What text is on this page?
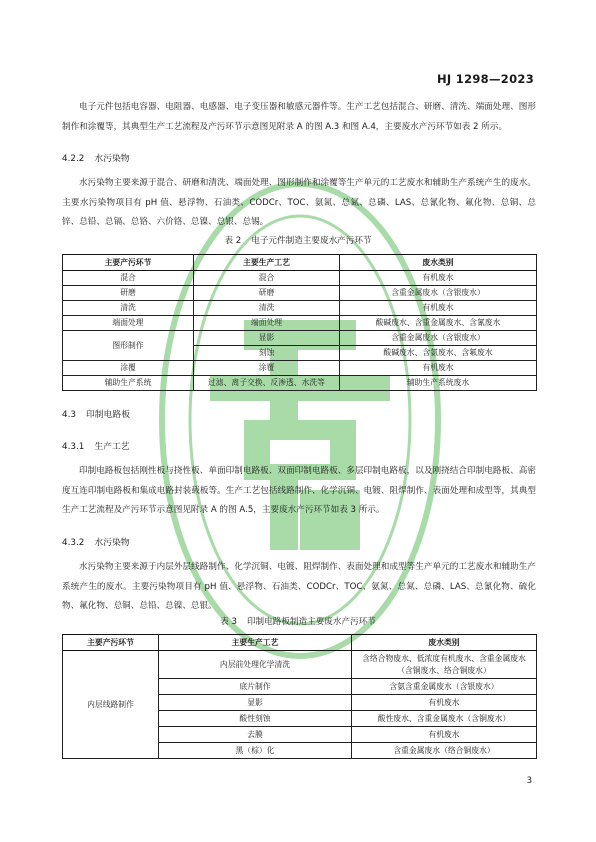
HJ 1298—2023

电子元件包括电容器、电阻器、电感器、电子变压器和敏感元器件等。生产工艺包括混合、研磨、清洗、端面处理、图形制作和涂覆等，其典型生产工艺流程及产污环节示意图见附录 A 的图 A.3 和图 A.4，主要废水产污环节如表 2 所示。

4.2.2 水污染物

水污染物主要来源于混合、研磨和清洗、端面处理、图形制作和涂覆等生产单元的工艺废水和辅助生产系统产生的废水。主要水污染物项目有 pH 值、悬浮物、石油类、CODCr、TOC、氨氮、总氮、总磷、LAS、总氰化物、氟化物、总铜、总锌、总铅、总镉、总铬、六价铬、总镍、总银、总锡。

表 2 电子元件制造主要废水产污环节

主要产污环节	主要生产工艺	废水类别
混合	混合	有机废水
研磨	研磨	含重金属废水（含银废水）
清洗	清洗	有机废水
端面处理	端面处理	酸碱废水、含重金属废水、含氰废水
图形制作	显影	含重金属废水（含银废水）
	刻蚀	酸碱废水、含氨废水、含氟废水
涂覆	涂覆	有机废水
辅助生产系统	过滤、离子交换、反渗透、水洗等	辅助生产系统废水

4.3 印制电路板

4.3.1 生产工艺

印制电路板包括刚性板与挠性板、单面印制电路板、双面印制电路板、多层印制电路板，以及刚挠结合印制电路板、高密度互连印制电路板和集成电路封装载板等。生产工艺包括线路制作、化学沉铜、电镀、阻焊制作、表面处理和成型等，其典型生产工艺流程及产污环节示意图见附录 A 的图 A.5，主要废水产污环节如表 3 所示。

4.3.2 水污染物

水污染物主要来源于内层外层线路制作、化学沉铜、电镀、阻焊制作、表面处理和成型等生产单元的工艺废水和辅助生产系统产生的废水。主要污染物项目有 pH 值、悬浮物、石油类、CODCr、TOC、氨氮、总氮、总磷、LAS、总氰化物、硫化物、氟化物、总铜、总铅、总镍、总银。

表 3 印制电路板制造主要废水产污环节

主要产污环节	主要生产工艺	废水类别
内层线路制作	内层前处理化学清洗	含络合物废水、低浓度有机废水、含重金属废水（含铜废水、络合铜废水）
	底片制作	含氨含重金属废水（含银废水）
	显影	有机废水
	酸性刻蚀	酸性废水、含重金属废水（含铜废水）
	去膜	有机废水
	黑（棕）化	含重金属废水（络合铜废水）
3
